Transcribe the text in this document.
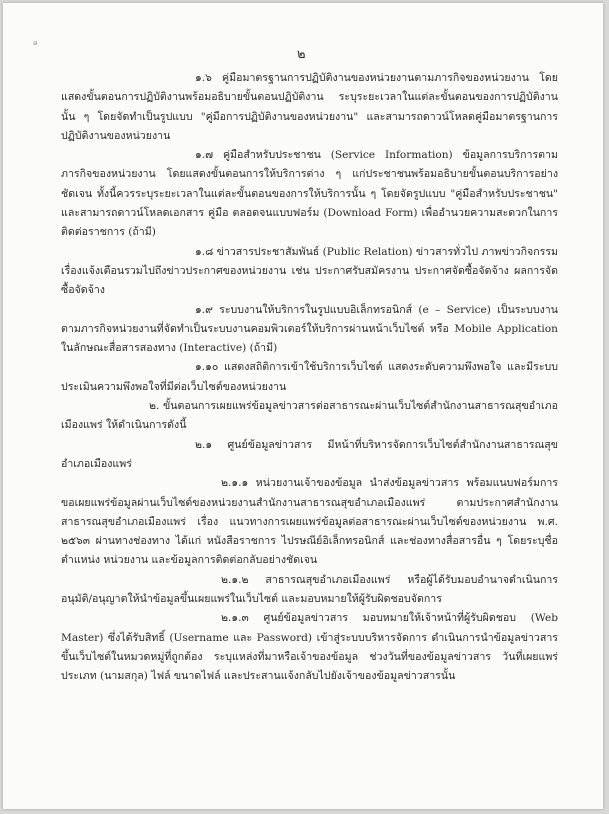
ə
๒

๑.๖ คู่มือมาตรฐานการปฏิบัติงานของหน่วยงานตามภารกิจของหน่วยงาน โดยแสดงขั้นตอนการปฏิบัติงานพร้อมอธิบายขั้นตอนปฏิบัติงาน ระบุระยะเวลาในแต่ละขั้นตอนของการปฏิบัติงานนั้น ๆ โดยจัดทำเป็นรูปแบบ "คู่มือการปฏิบัติงานของหน่วยงาน" และสามารถดาวน์โหลดคู่มือมาตรฐานการปฏิบัติงานของหน่วยงาน

๑.๗ คู่มือสำหรับประชาชน (Service Information) ข้อมูลการบริการตามภารกิจของหน่วยงาน โดยแสดงขั้นตอนการให้บริการต่าง ๆ แก่ประชาชนพร้อมอธิบายขั้นตอนบริการอย่างชัดเจน ทั้งนี้ควรระบุระยะเวลาในแต่ละขั้นตอนของการให้บริการนั้น ๆ โดยจัดรูปแบบ "คู่มือสำหรับประชาชน" และสามารถดาวน์โหลดเอกสาร คู่มือ ตลอดจนแบบฟอร์ม (Download Form) เพื่ออำนวยความสะดวกในการติดต่อราชการ (ถ้ามี)

๑.๘ ข่าวสารประชาสัมพันธ์ (Public Relation) ข่าวสารทั่วไป ภาพข่าวกิจกรรม เรื่องแจ้งเตือนรวมไปถึงข่าวประกาศของหน่วยงาน เช่น ประกาศรับสมัครงาน ประกาศจัดซื้อจัดจ้าง ผลการจัดซื้อจัดจ้าง

๑.๙ ระบบงานให้บริการในรูปแบบอิเล็กทรอนิกส์ (e – Service) เป็นระบบงานตามภารกิจหน่วยงานที่จัดทำเป็นระบบงานคอมพิวเตอร์ให้บริการผ่านหน้าเว็บไซต์ หรือ Mobile Application ในลักษณะสื่อสารสองทาง (Interactive) (ถ้ามี)

๑.๑๐ แสดงสถิติการเข้าใช้บริการเว็บไซต์ แสดงระดับความพึงพอใจ และมีระบบประเมินความพึงพอใจที่มีต่อเว็บไซต์ของหน่วยงาน

๒. ขั้นตอนการเผยแพร่ข้อมูลข่าวสารต่อสาธารณะผ่านเว็บไซต์สำนักงานสาธารณสุขอำเภอเมืองแพร่ ให้ดำเนินการดังนี้

๒.๑ ศูนย์ข้อมูลข่าวสาร มีหน้าที่บริหารจัดการเว็บไซต์สำนักงานสาธารณสุขอำเภอเมืองแพร่

๒.๑.๑ หน่วยงานเจ้าของข้อมูล นำส่งข้อมูลข่าวสาร พร้อมแนบฟอร์มการขอเผยแพร่ข้อมูลผ่านเว็บไซต์ของหน่วยงานสำนักงานสาธารณสุขอำเภอเมืองแพร่ ตามประกาศสำนักงานสาธารณสุขอำเภอเมืองแพร่ เรื่อง แนวทางการเผยแพร่ข้อมูลต่อสาธารณะผ่านเว็บไซต์ของหน่วยงาน พ.ศ. ๒๕๖๓ ผ่านทางช่องทาง ได้แก่ หนังสือราชการ ไปรษณีย์อิเล็กทรอนิกส์ และช่องทางสื่อสารอื่น ๆ โดยระบุชื่อ ตำแหน่ง หน่วยงาน และข้อมูลการติดต่อกลับอย่างชัดเจน

๒.๑.๒ สาธารณสุขอำเภอเมืองแพร่ หรือผู้ได้รับมอบอำนาจดำเนินการอนุมัติ/อนุญาตให้นำข้อมูลขึ้นเผยแพร่ในเว็บไซต์ และมอบหมายให้ผู้รับผิดชอบจัดการ

๒.๑.๓ ศูนย์ข้อมูลข่าวสาร มอบหมายให้เจ้าหน้าที่ผู้รับผิดชอบ (Web Master) ซึ่งได้รับสิทธิ์ (Username และ Password) เข้าสู่ระบบบริหารจัดการ ดำเนินการนำข้อมูลข่าวสารขึ้นเว็บไซต์ในหมวดหมู่ที่ถูกต้อง ระบุแหล่งที่มาหรือเจ้าของข้อมูล ช่วงวันที่ของข้อมูลข่าวสาร วันที่เผยแพร่ ประเภท (นามสกุล) ไฟล์ ขนาดไฟล์ และประสานแจ้งกลับไปยังเจ้าของข้อมูลข่าวสารนั้น
